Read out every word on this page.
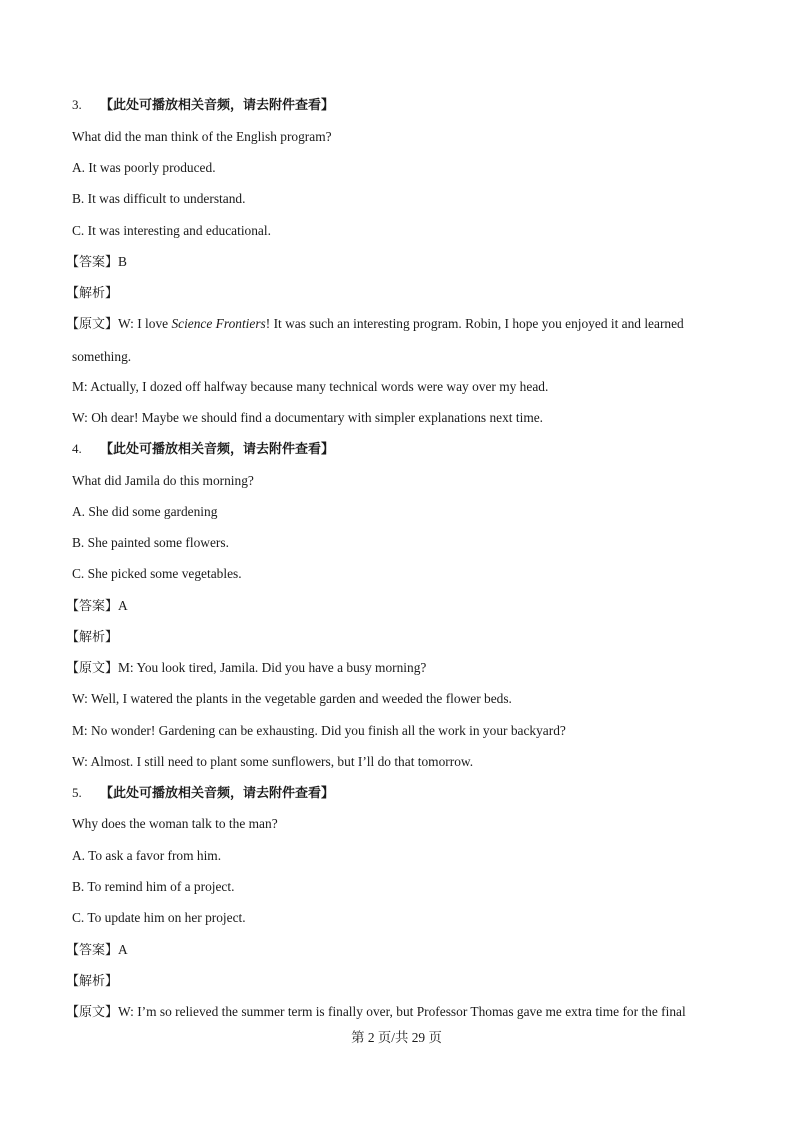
3. 【此处可播放相关音频，请去附件查看】
What did the man think of the English program?
A. It was poorly produced.
B. It was difficult to understand.
C. It was interesting and educational.
【答案】B
【解析】
【原文】W: I love Science Frontiers! It was such an interesting program. Robin, I hope you enjoyed it and learned something.
M: Actually, I dozed off halfway because many technical words were way over my head.
W: Oh dear! Maybe we should find a documentary with simpler explanations next time.
4. 【此处可播放相关音频，请去附件查看】
What did Jamila do this morning?
A. She did some gardening
B. She painted some flowers.
C. She picked some vegetables.
【答案】A
【解析】
【原文】M: You look tired, Jamila. Did you have a busy morning?
W: Well, I watered the plants in the vegetable garden and weeded the flower beds.
M: No wonder! Gardening can be exhausting. Did you finish all the work in your backyard?
W: Almost. I still need to plant some sunflowers, but I’ll do that tomorrow.
5. 【此处可播放相关音频，请去附件查看】
Why does the woman talk to the man?
A. To ask a favor from him.
B. To remind him of a project.
C. To update him on her project.
【答案】A
【解析】
【原文】W: I’m so relieved the summer term is finally over, but Professor Thomas gave me extra time for the final
第 2 页/共 29 页
